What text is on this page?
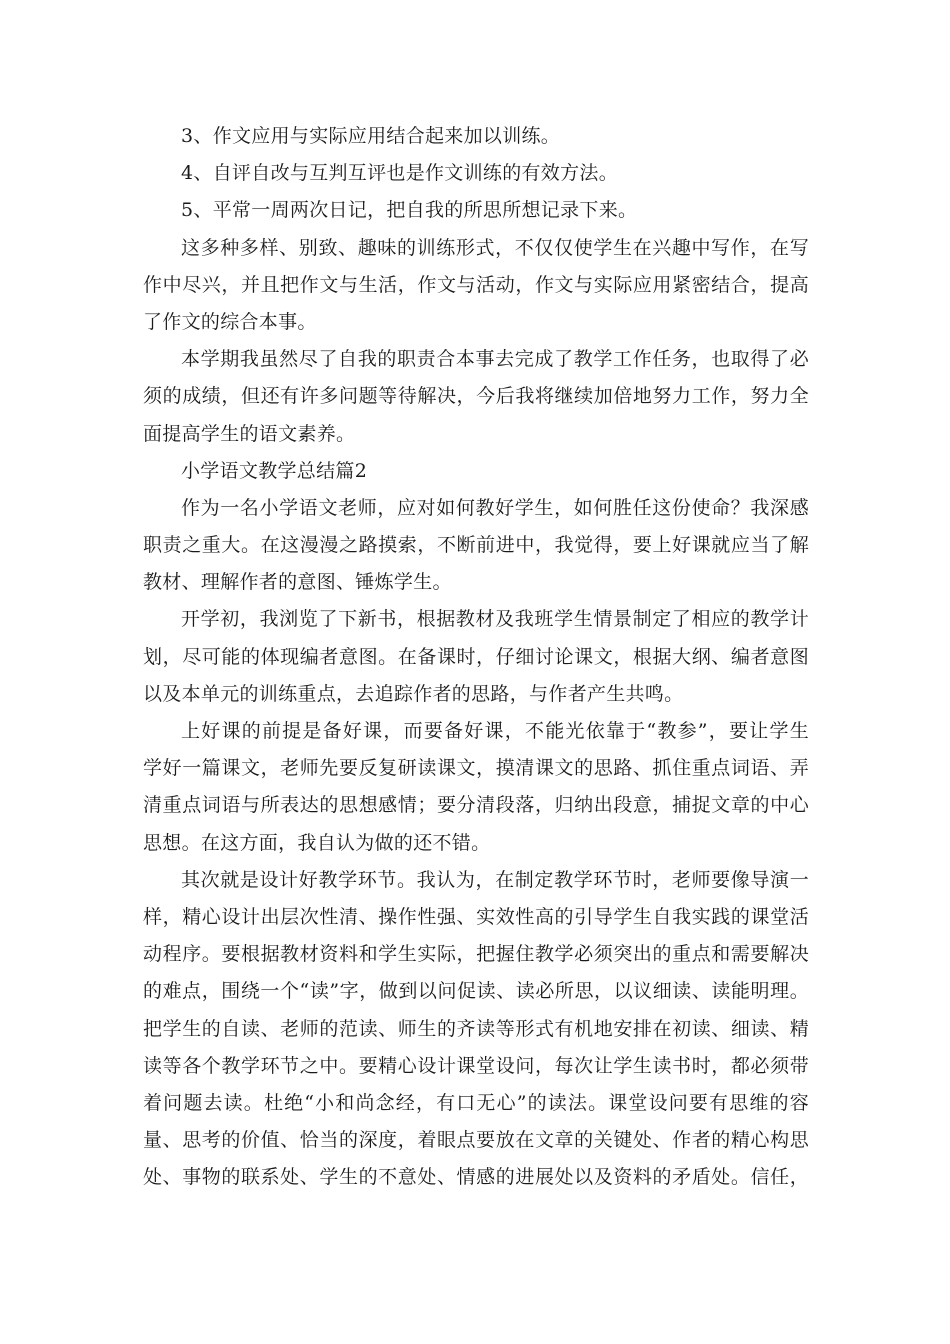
3、作文应用与实际应用结合起来加以训练。
4、自评自改与互判互评也是作文训练的有效方法。
5、平常一周两次日记，把自我的所思所想记录下来。
这多种多样、别致、趣味的训练形式，不仅仅使学生在兴趣中写作，在写
作中尽兴，并且把作文与生活，作文与活动，作文与实际应用紧密结合，提高
了作文的综合本事。
本学期我虽然尽了自我的职责合本事去完成了教学工作任务，也取得了必
须的成绩，但还有许多问题等待解决，今后我将继续加倍地努力工作，努力全
面提高学生的语文素养。
小学语文教学总结篇2
作为一名小学语文老师，应对如何教好学生，如何胜任这份使命？我深感
职责之重大。在这漫漫之路摸索，不断前进中，我觉得，要上好课就应当了解
教材、理解作者的意图、锤炼学生。
开学初，我浏览了下新书，根据教材及我班学生情景制定了相应的教学计
划，尽可能的体现编者意图。在备课时，仔细讨论课文，根据大纲、编者意图
以及本单元的训练重点，去追踪作者的思路，与作者产生共鸣。
上好课的前提是备好课，而要备好课，不能光依靠于“教参”，要让学生
学好一篇课文，老师先要反复研读课文，摸清课文的思路、抓住重点词语、弄
清重点词语与所表达的思想感情；要分清段落，归纳出段意，捕捉文章的中心
思想。在这方面，我自认为做的还不错。
其次就是设计好教学环节。我认为，在制定教学环节时，老师要像导演一
样，精心设计出层次性清、操作性强、实效性高的引导学生自我实践的课堂活
动程序。要根据教材资料和学生实际，把握住教学必须突出的重点和需要解决
的难点，围绕一个“读”字，做到以问促读、读必所思，以议细读、读能明理。
把学生的自读、老师的范读、师生的齐读等形式有机地安排在初读、细读、精
读等各个教学环节之中。要精心设计课堂设问，每次让学生读书时，都必须带
着问题去读。杜绝“小和尚念经，有口无心”的读法。课堂设问要有思维的容
量、思考的价值、恰当的深度，着眼点要放在文章的关键处、作者的精心构思
处、事物的联系处、学生的不意处、情感的进展处以及资料的矛盾处。信任，
